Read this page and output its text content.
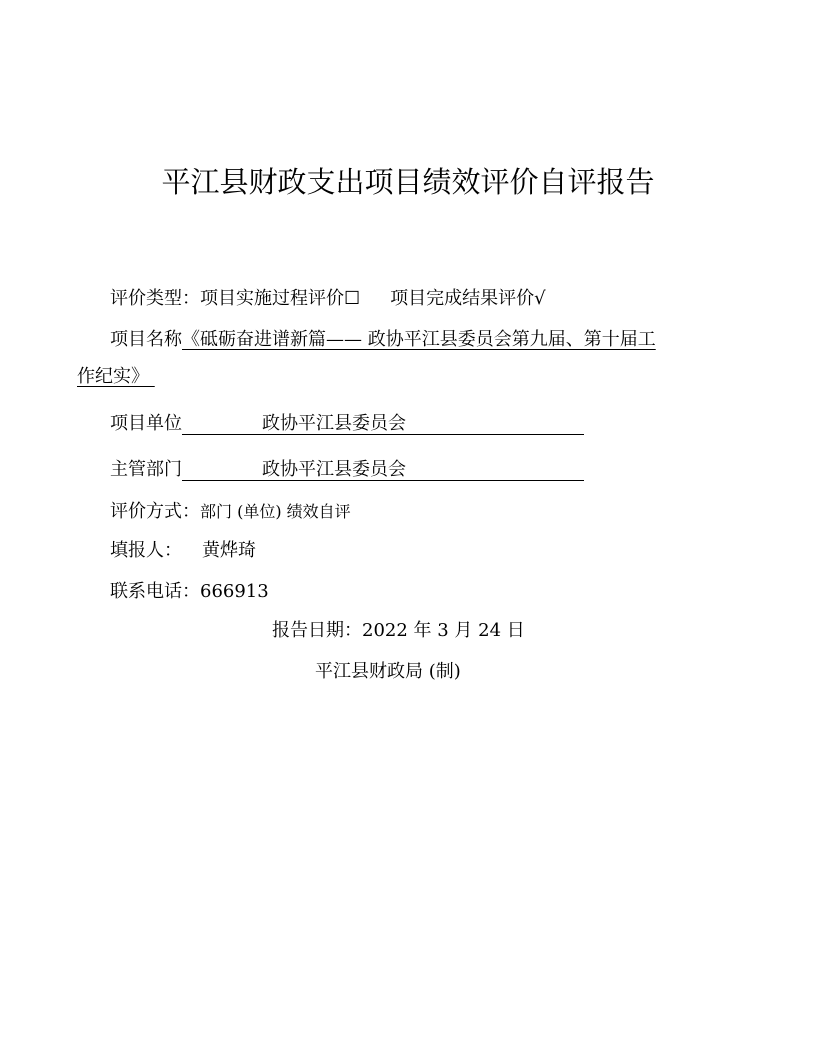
平江县财政支出项目绩效评价自评报告
评价类型：项目实施过程评价☐ 项目完成结果评价√
项目名称《砥砺奋进谱新篇—— 政协平江县委员会第九届、第十届工
作纪实》
项目单位	政协平江县委员会
主管部门	政协平江县委员会
评价方式：部门 (单位) 绩效自评
填报人： 黄烨琦
联系电话：666913
报告日期：2022 年 3 月 24 日
平江县财政局 (制)
